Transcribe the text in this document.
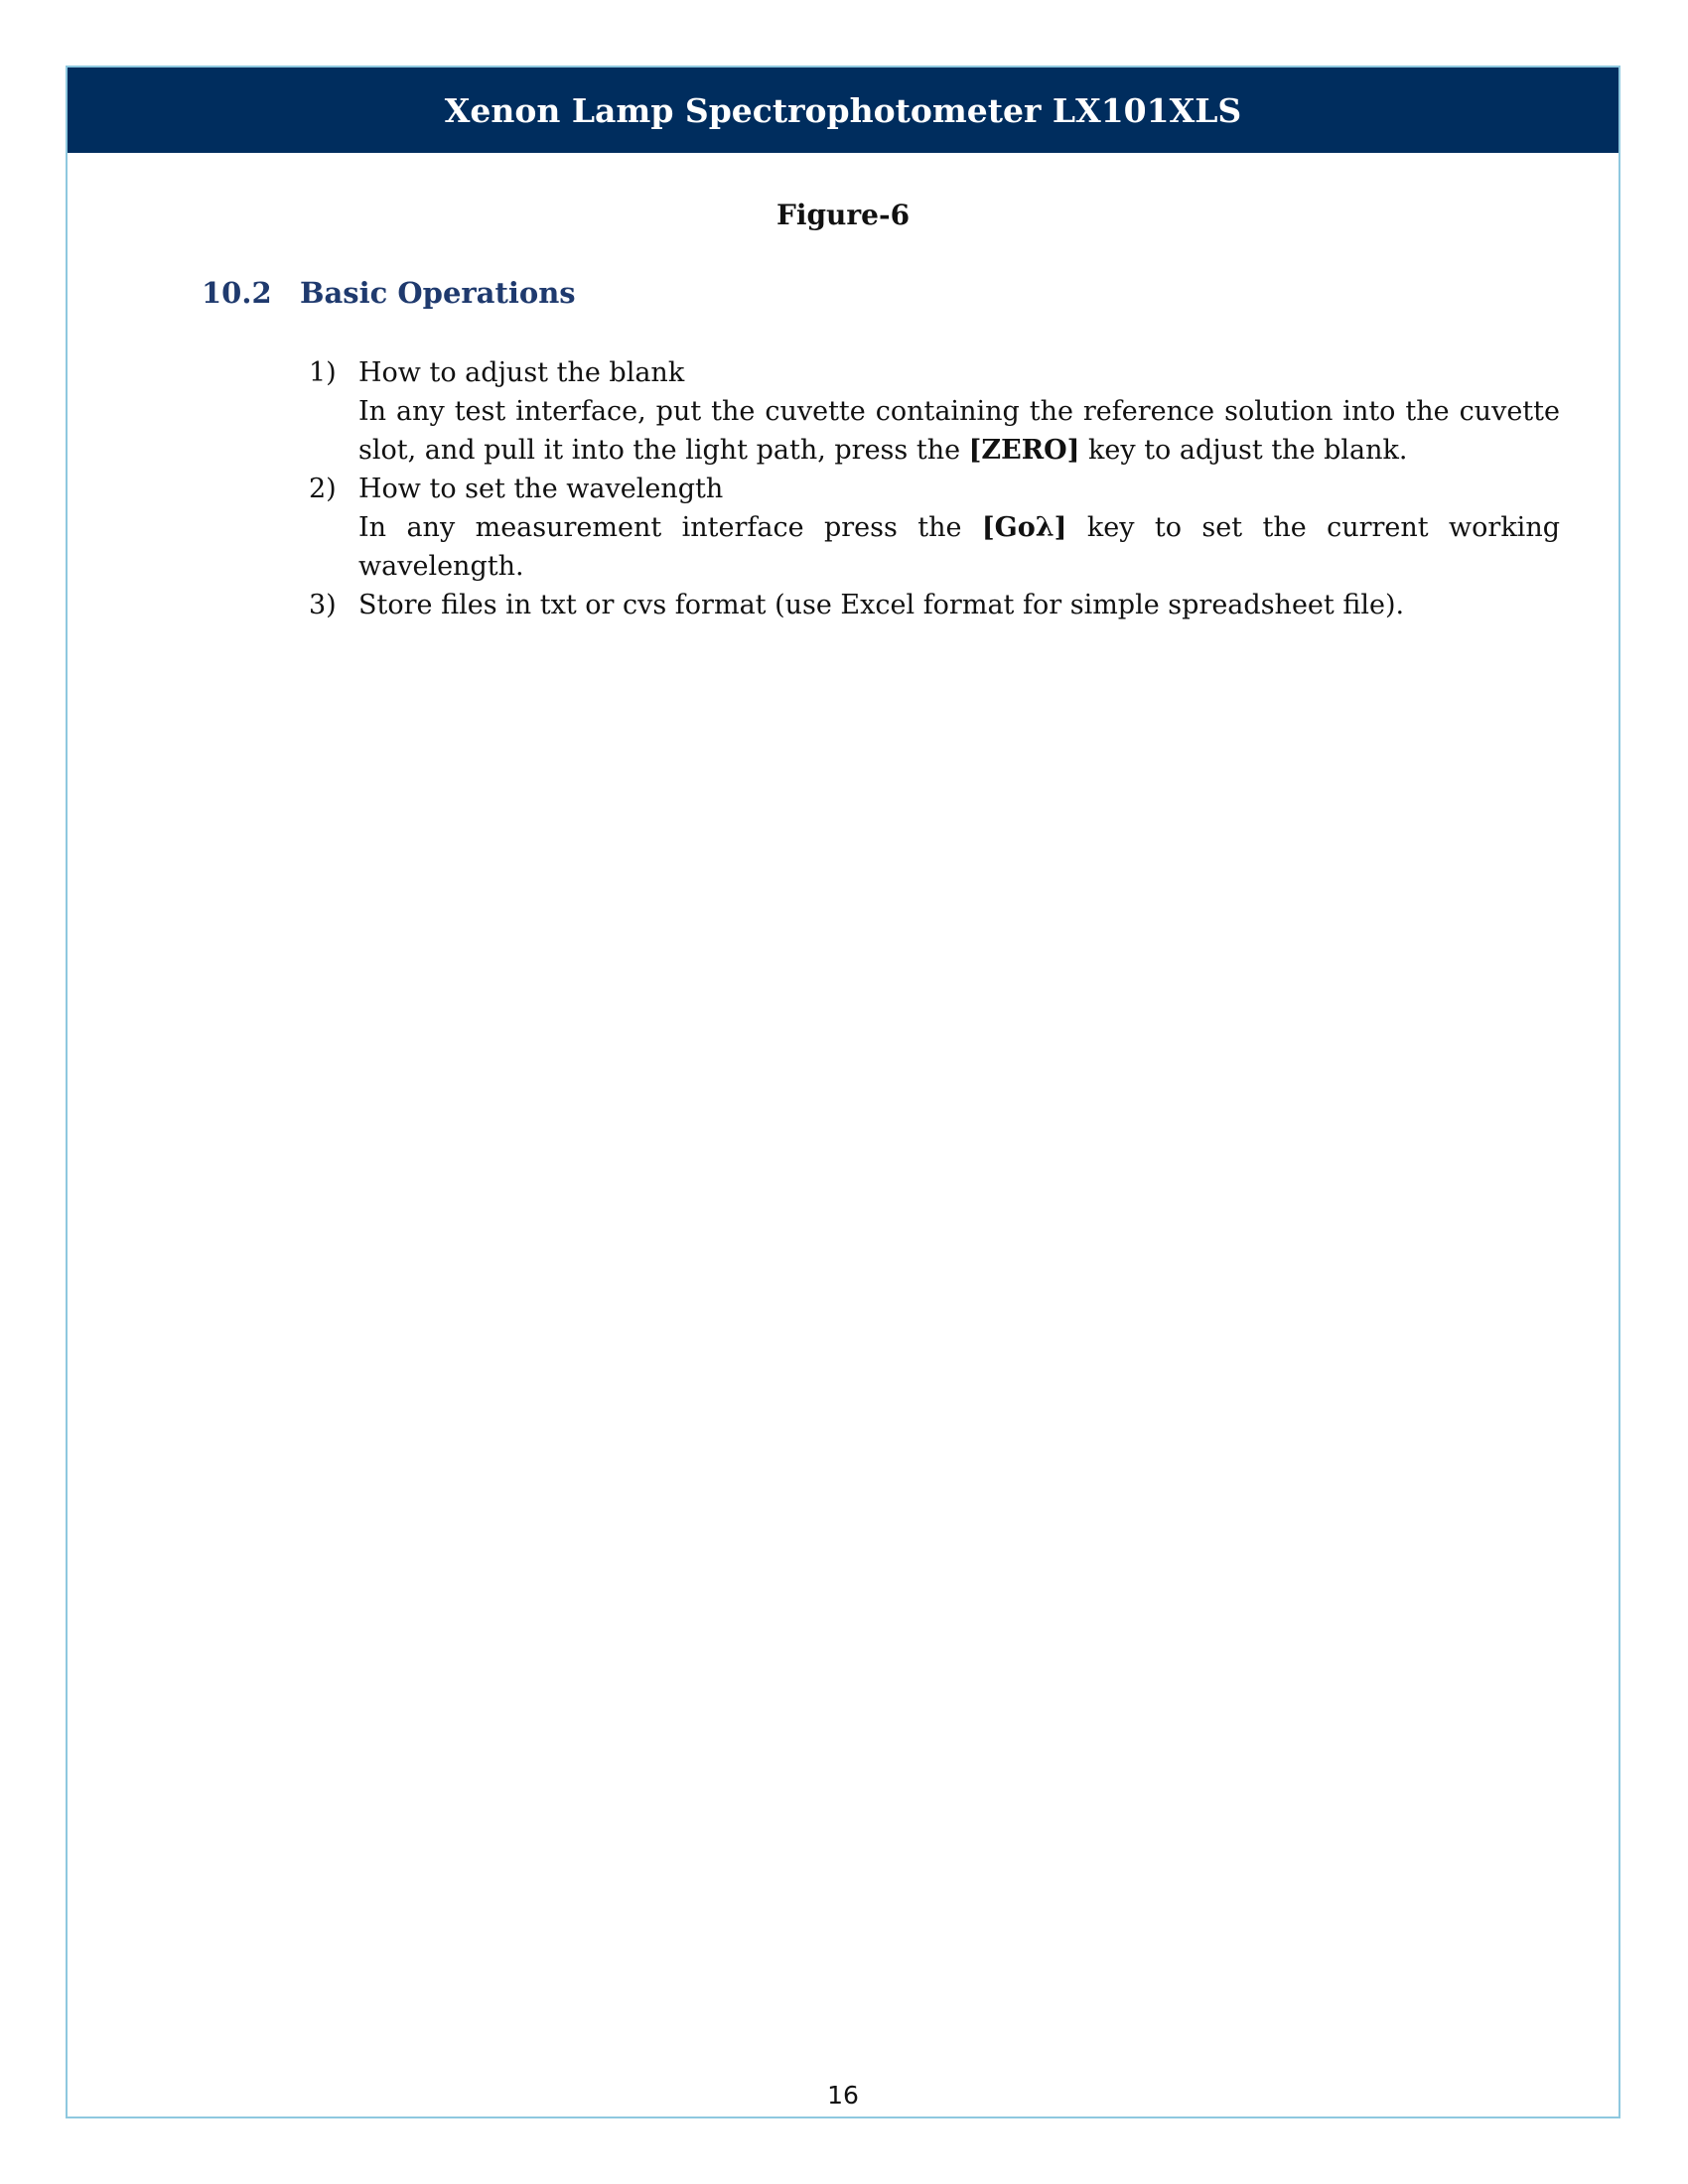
Xenon Lamp Spectrophotometer LX101XLS
Figure-6
10.2 Basic Operations
1) How to adjust the blank
In any test interface, put the cuvette containing the reference solution into the cuvette slot, and pull it into the light path, press the [ZERO] key to adjust the blank.
2) How to set the wavelength
In any measurement interface press the [Goλ] key to set the current working wavelength.
3) Store files in txt or cvs format (use Excel format for simple spreadsheet file).
16
